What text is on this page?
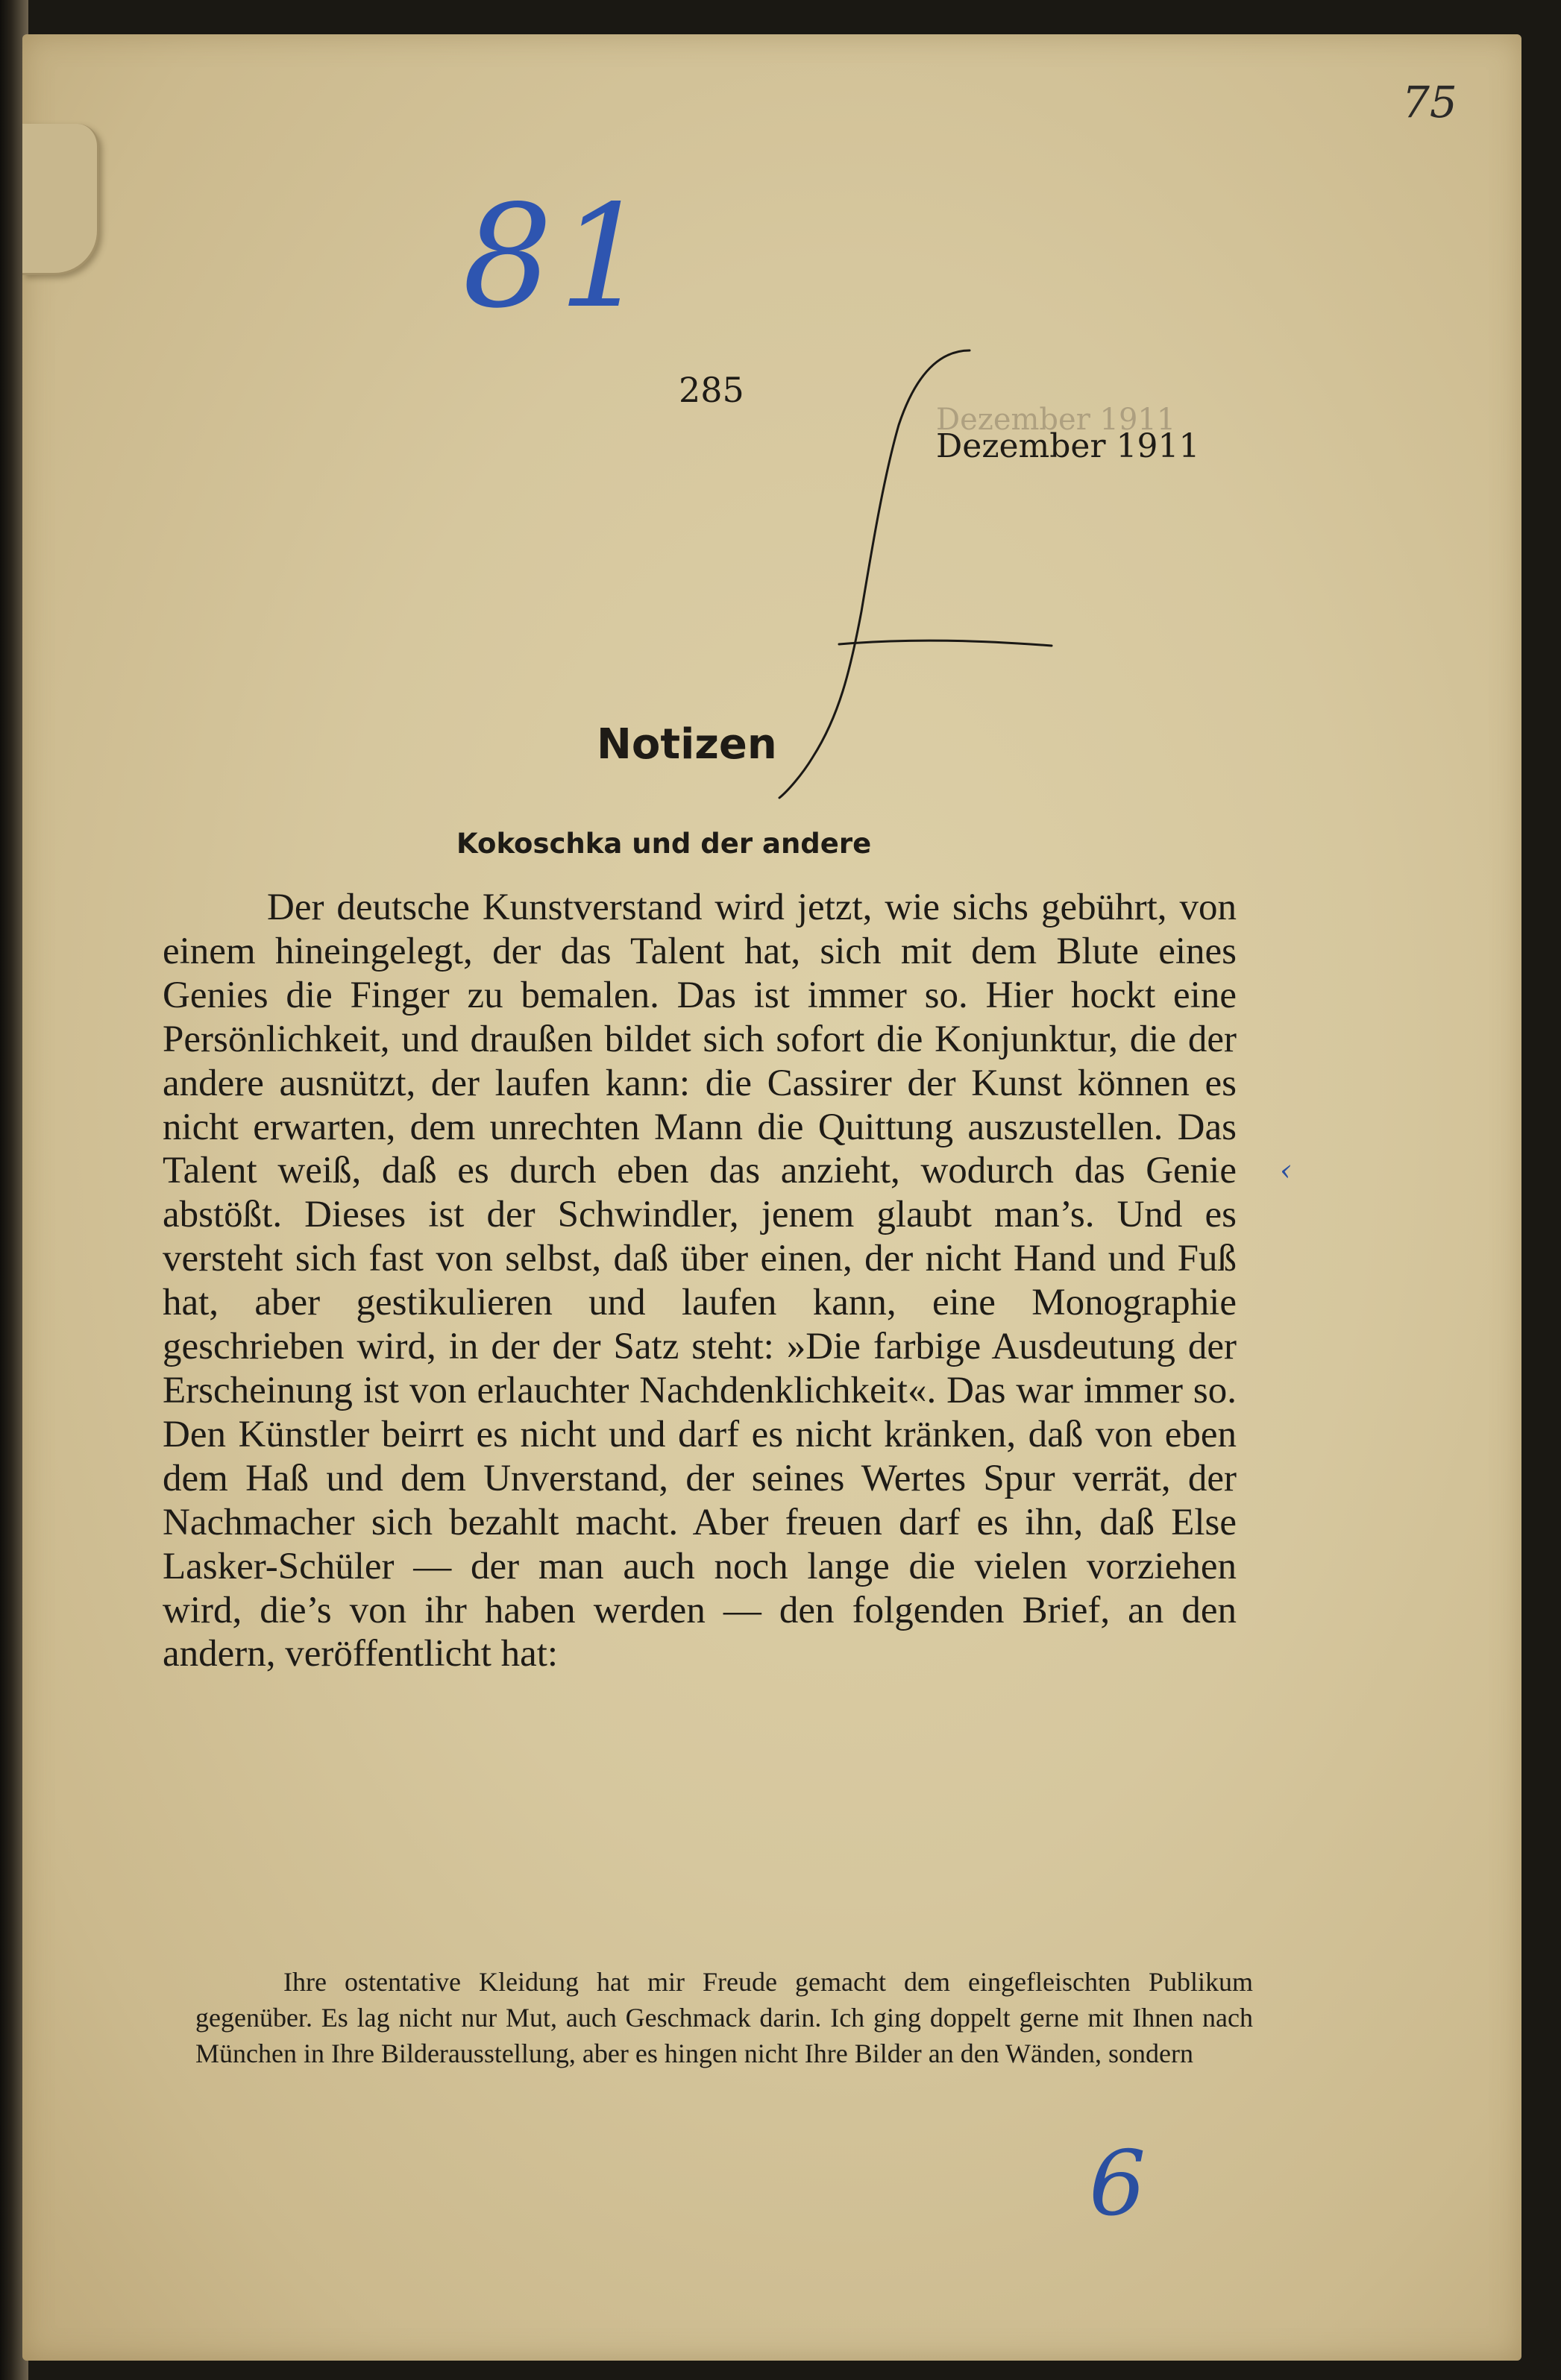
75

81

285

Dezember 1911

Dezember 1911

Notizen
Kokoschka und der andere

Der deutsche Kunstverstand wird jetzt, wie sichs gebührt, von einem hineingelegt, der das Talent hat, sich mit dem Blute eines Genies die Finger zu bemalen. Das ist immer so. Hier hockt eine Persönlichkeit, und draußen bildet sich sofort die Konjunktur, die der andere ausnützt, der laufen kann: die Cassirer der Kunst können es nicht erwarten, dem unrechten Mann die Quittung auszustellen. Das Talent weiß, daß es durch eben das anzieht, wodurch das Genie abstößt. Dieses ist der Schwindler, jenem glaubt man’s. Und es versteht sich fast von selbst, daß über einen, der nicht Hand und Fuß hat, aber gestikulieren und laufen kann, eine Monographie geschrieben wird, in der der Satz steht: »Die farbige Ausdeutung der Erscheinung ist von erlauchter Nachdenklichkeit«. Das war immer so. Den Künstler beirrt es nicht und darf es nicht kränken, daß von eben dem Haß und dem Unverstand, der seines Wertes Spur verrät, der Nachmacher sich bezahlt macht. Aber freuen darf es ihn, daß Else Lasker-Schüler — der man auch noch lange die vielen vorziehen wird, die’s von ihr haben werden — den folgenden Brief, an den andern, veröffentlicht hat:

‹

Ihre ostentative Kleidung hat mir Freude gemacht dem eingefleischten Publikum gegenüber. Es lag nicht nur Mut, auch Geschmack darin. Ich ging doppelt gerne mit Ihnen nach München in Ihre Bilderausstellung, aber es hingen nicht Ihre Bilder an den Wänden, sondern

6
